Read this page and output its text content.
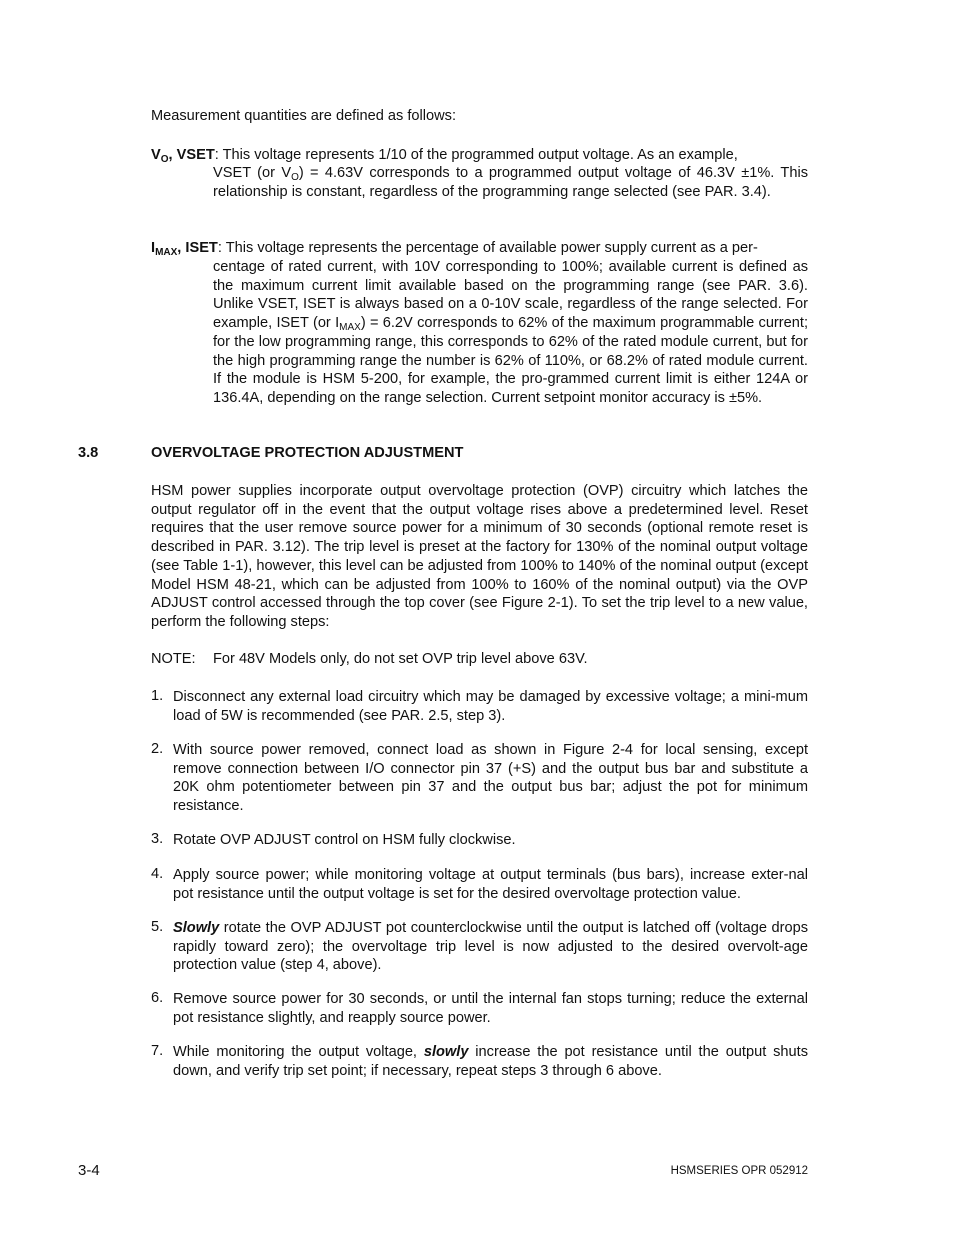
Measurement quantities are defined as follows:
$V_O$, VSET: This voltage represents 1/10 of the programmed output voltage. As an example,
VSET (or $V_O) = 4.63V$ corresponds to a programmed output voltage of 46.3V ±1%. This relationship is constant, regardless of the programming range selected (see PAR. 3.4).
$I_{MAX}$, ISET: This voltage represents the percentage of available power supply current as a per-
centage of rated current, with 10V corresponding to 100%; available current is defined as the maximum current limit available based on the programming range (see PAR. 3.6). Unlike VSET, ISET is always based on a 0-10V scale, regardless of the range selected. For example, ISET (or $I_{MAX}) = 6.2V$ corresponds to 62% of the maximum programmable current; for the low programming range, this corresponds to 62% of the rated module current, but for the high programming range the number is 62% of 110%, or 68.2% of rated module current. If the module is HSM 5-200, for example, the pro-grammed current limit is either 124A or 136.4A, depending on the range selection. Current setpoint monitor accuracy is ±5%.
3.8	OVERVOLTAGE PROTECTION ADJUSTMENT
HSM power supplies incorporate output overvoltage protection (OVP) circuitry which latches the output regulator off in the event that the output voltage rises above a predetermined level. Reset requires that the user remove source power for a minimum of 30 seconds (optional remote reset is described in PAR. 3.12). The trip level is preset at the factory for 130% of the nominal output voltage (see Table 1-1), however, this level can be adjusted from 100% to 140% of the nominal output (except Model HSM 48-21, which can be adjusted from 100% to 160% of the nominal output) via the OVP ADJUST control accessed through the top cover (see Figure 2-1). To set the trip level to a new value, perform the following steps:
NOTE: For 48V Models only, do not set OVP trip level above 63V.
1. Disconnect any external load circuitry which may be damaged by excessive voltage; a mini-mum load of 5W is recommended (see PAR. 2.5, step 3).
2. With source power removed, connect load as shown in Figure 2-4 for local sensing, except remove connection between I/O connector pin 37 (+S) and the output bus bar and substitute a 20K ohm potentiometer between pin 37 and the output bus bar; adjust the pot for minimum resistance.
3. Rotate OVP ADJUST control on HSM fully clockwise.
4. Apply source power; while monitoring voltage at output terminals (bus bars), increase exter-nal pot resistance until the output voltage is set for the desired overvoltage protection value.
5. Slowly rotate the OVP ADJUST pot counterclockwise until the output is latched off (voltage drops rapidly toward zero); the overvoltage trip level is now adjusted to the desired overvolt-age protection value (step 4, above).
6. Remove source power for 30 seconds, or until the internal fan stops turning; reduce the external pot resistance slightly, and reapply source power.
7. While monitoring the output voltage, slowly increase the pot resistance until the output shuts down, and verify trip set point; if necessary, repeat steps 3 through 6 above.
3-4	HSMSERIES OPR 052912
